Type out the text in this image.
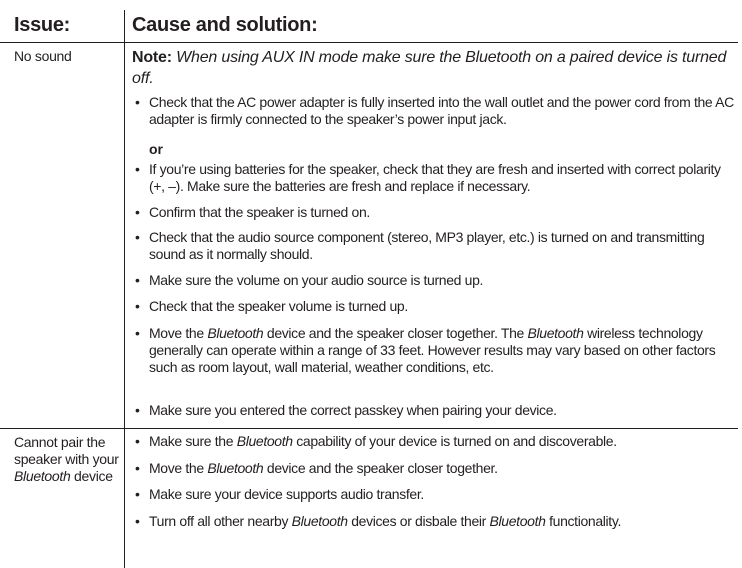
Issue:	Cause and solution:
No sound
Cannot pair the speaker with your Bluetooth device
Note: When using AUX IN mode make sure the Bluetooth on a paired device is turned off.
or
• Check that the AC power adapter is fully inserted into the wall outlet and the power cord from the AC adapter is firmly connected to the speaker’s power input jack.
• If you’re using batteries for the speaker, check that they are fresh and inserted with correct polarity (+, –). Make sure the batteries are fresh and replace if necessary.
• Confirm that the speaker is turned on.
• Check that the audio source component (stereo, MP3 player, etc.) is turned on and transmitting sound as it normally should.
• Make sure the volume on your audio source is turned up.
• Check that the speaker volume is turned up.
• Move the Bluetooth device and the speaker closer together. The Bluetooth wireless technology generally can operate within a range of 33 feet. However results may vary based on other factors such as room layout, wall material, weather conditions, etc.
• Make sure you entered the correct passkey when pairing your device.
• Make sure the Bluetooth capability of your device is turned on and discoverable.
• Move the Bluetooth device and the speaker closer together.
• Make sure your device supports audio transfer.
• Turn off all other nearby Bluetooth devices or disbale their Bluetooth functionality.
